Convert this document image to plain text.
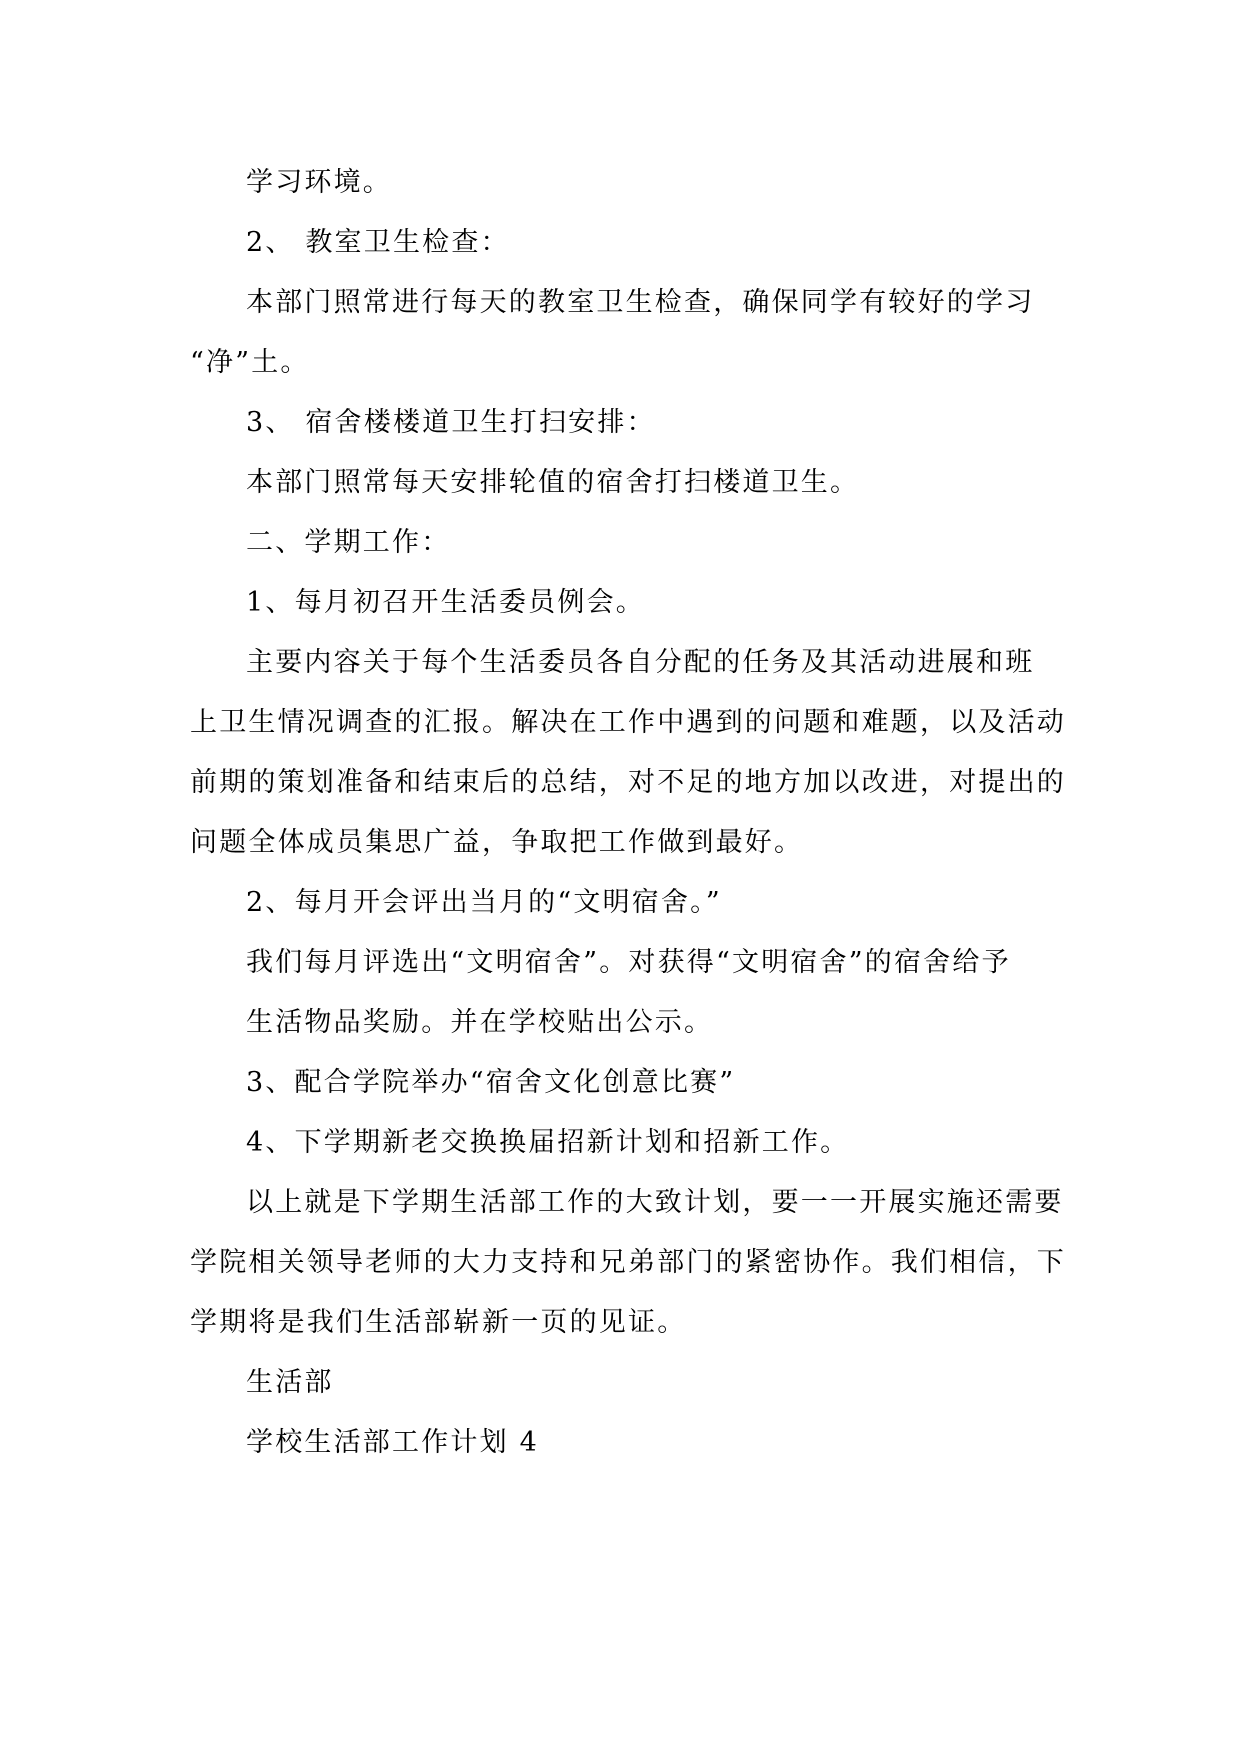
学习环境。
2、 教室卫生检查：
本部门照常进行每天的教室卫生检查，确保同学有较好的学习
“净”土。
3、 宿舍楼楼道卫生打扫安排：
本部门照常每天安排轮值的宿舍打扫楼道卫生。
二、学期工作：
1、每月初召开生活委员例会。
主要内容关于每个生活委员各自分配的任务及其活动进展和班
上卫生情况调查的汇报。解决在工作中遇到的问题和难题，以及活动
前期的策划准备和结束后的总结，对不足的地方加以改进，对提出的
问题全体成员集思广益，争取把工作做到最好。
2、每月开会评出当月的“文明宿舍。”
我们每月评选出“文明宿舍”。对获得“文明宿舍”的宿舍给予
生活物品奖励。并在学校贴出公示。
3、配合学院举办“宿舍文化创意比赛”
4、下学期新老交换换届招新计划和招新工作。
以上就是下学期生活部工作的大致计划，要一一开展实施还需要
学院相关领导老师的大力支持和兄弟部门的紧密协作。我们相信，下
学期将是我们生活部崭新一页的见证。
生活部
学校生活部工作计划 4
